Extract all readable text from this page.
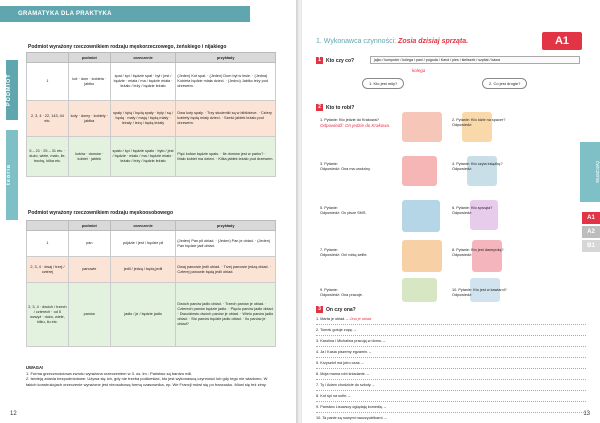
GRAMATYKA DLA PRAKTYKA
PODMIOT
teoria
Podmiot wyrażony rzeczownikiem rodzaju męskorzeczowego, żeńskiego i nijakiego
	podmiot	orzeczenie	przykłady
1	kot · dom · kobieta · jabłko	spał / śpi / będzie spał · był / jest / będzie · miała / ma / będzie miała · leżało / leży / będzie leżało	(Jeden) Kot spał. · (Jeden) Dom był w lesie. · (Jedna) Kobieta będzie miała dzieci. · (Jedno) Jabłko leży pod drzewem.
2, 3, 4 · 22, 143, 44 etc.	koty · domy · kobiety · jabłka	spały / śpią / będą spały · były / są / będą · mały / mają / będą miały · leżały / leżą / będą leżały	Dwa koty spały. · Trzy studentki są w bibliotece. · Cztery kobiety będą miały dzieci. · Sześć jabłek leżało pod drzewem.
5 – 21 · 25 – 31 etc. · dużo, wiele, mało, ile, trochę, kilka etc.	kotów · domów · kobiet · jabłek	spało / śpi / będzie spało · było / jest / będzie · miało / ma / będzie miało · leżało / leży / będzie leżało	Pięć kotów będzie spało. · Ile domów jest w parku? · Mało kobiet ma dzieci. · Kilka jabłek leżało pod drzewem.
Podmiot wyrażony rzeczownikiem rodzaju męskoosobowego
	podmiot	orzeczenie	przykłady
1	pan	pójdzie / jest / będzie pił	(Jeden) Pan pił obiad. · (Jeden) Pan je obiad. · (Jeden) Pan będzie jadł obiad.
2, 3, 4 · dwaj / trzej / czterej	panowie	jedli / jedzą / będą jedli	Dwaj panowie jedli obiad. · Trzej panowie jedzą obiad. · Czterej panowie będą jedli obiad.
2, 3, 4 · dwóch / trzech / czterech · od 5 wzwyż · dużo, wiele, kilku, ilu etc.	panów	jadło / je / będzie jadło	Dwóch panów jadło obiad. · Trzech panów je obiad. · Czterech panów będzie jadło. · Pięciu panów jadło obiad. · Dwudziestu dwóch panów je obiad. · Wielu panów jadło obiad. · Sto panów będzie jadło obiad. · Ilu panów je obiad?
UWAGA!
1. Forma grzecznościowa zwrotu wyrażona orzeczeniem w 3. os. lm.: Państwo są bardzo mili.
2. Istnieją zdania bezpodmiotowe. Używa się ich, gdy nie trzeba podkreślać, kto jest wykonawcą czynności lub gdy tego nie wiadomo. W takich konstrukcjach orzeczenie wyrażone jest nieosobową formą czasownika, np. We Francji mówi się po francusku. Mówi się też zimy.
12
1. Wykonawca czynności: Zosia dzisiaj sprząta.	A1
ćwiczenia
A1
A2
B1
1 Kto czy co?	jajko / komputer / kolega / pani / pogoda / Karol / pies / kieliszek / szpital / kawa
kolega
1. Kto jest miły?	2. Co jest drogie?
2 Kto to robi?
1. Pytanie: Kto jedzie do Krakowa?
Odpowiedź: On jedzie do Krakowa.
2. Pytanie: Kto idzie na spacer?
Odpowiedź:
3. Pytanie:
Odpowiedź: Ona ma urodziny.
4. Pytanie: Kto czyta książkę?
Odpowiedź:
5. Pytanie:
Odpowiedź: On pisze SMS.
6. Pytanie: Kto sprząta?
Odpowiedź:
7. Pytanie:
Odpowiedź: Oni robią selfie.
8. Pytanie: Kto jest daneyrolą?
Odpowiedź:
9. Pytanie:
Odpowiedź: Ona pracuje.
10. Pytanie: Kto jest w kawiarni?
Odpowiedź:
3 On czy ona?
1. Marta je obiad. – Ona je obiad.
2. Tomek gotuje zupę. –
3. Karolina i Michalina pracują w domu. –
4. Ja i Kasia piszemy egzamin. –
5. Krzysztof ma jutro czas. –
6. Moja mama robi śniadanie. –
7. Ty i Adam chodzicie do szkoły. –
8. Kot śpi na sofie. –
9. Państwo Lisowscy oglądają komedię. –
10. Ta panie są nowymi nauczycielkami. –
13
